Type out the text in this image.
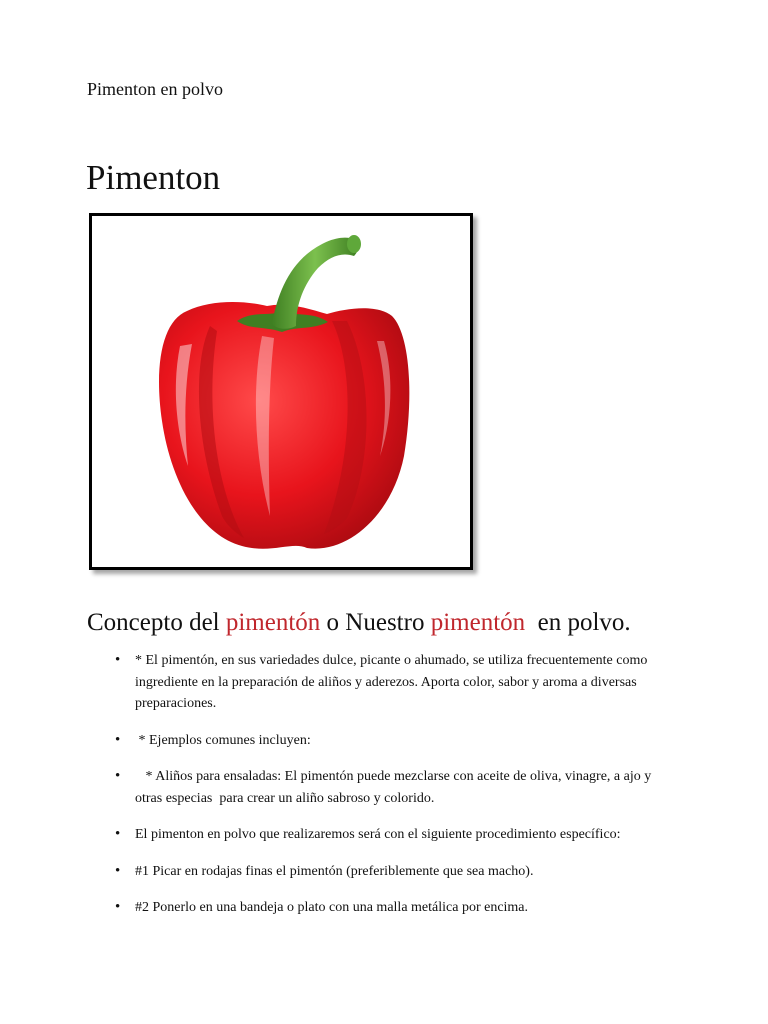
Pimenton en polvo
Pimenton
Concepto del pimentón o Nuestro pimentón  en polvo.
• * El pimentón, en sus variedades dulce, picante o ahumado, se utiliza frecuentemente como ingrediente en la preparación de aliños y aderezos. Aporta color, sabor y aroma a diversas preparaciones.
•  * Ejemplos comunes incluyen:
•    * Aliños para ensaladas: El pimentón puede mezclarse con aceite de oliva, vinagre, a ajo y otras especias  para crear un aliño sabroso y colorido.
• El pimenton en polvo que realizaremos será con el siguiente procedimiento específico:
• #1 Picar en rodajas finas el pimentón (preferiblemente que sea macho).
• #2 Ponerlo en una bandeja o plato con una malla metálica por encima.
